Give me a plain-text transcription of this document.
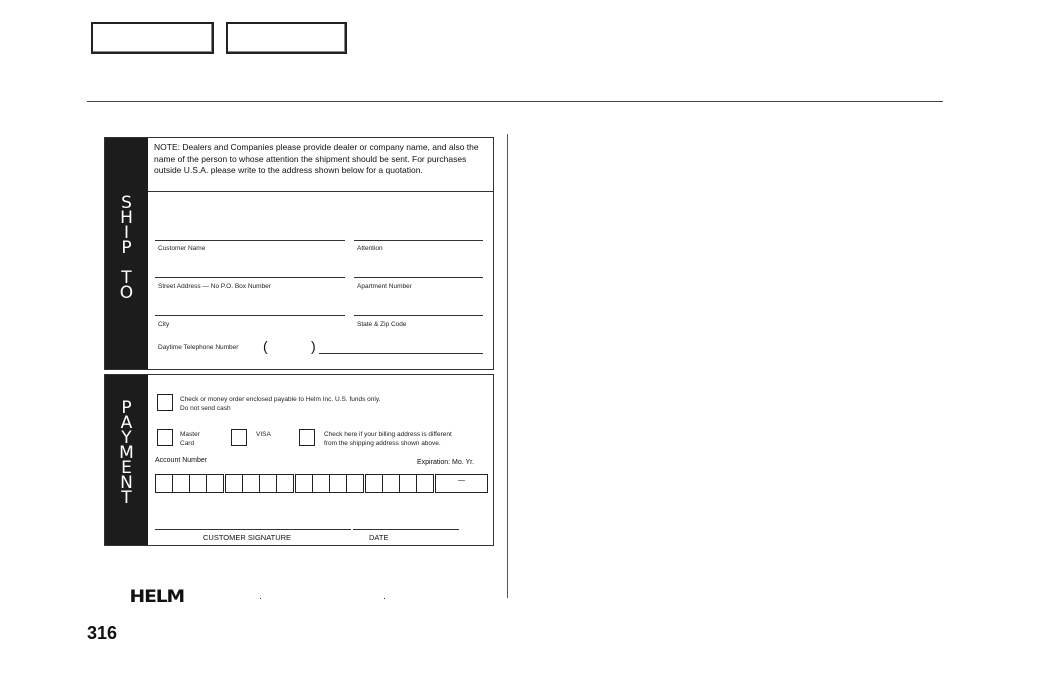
S
H
I
P
T
O
NOTE: Dealers and Companies please provide dealer or company name, and also the name of the person to whose attention the shipment should be sent. For purchases outside U.S.A. please write to the address shown below for a quotation.
Customer Name	Attention
Street Address — No P.O. Box Number	Apartment Number
City	State & Zip Code
Daytime Telephone Number (	)
P
A
Y
M
E
N
T
Check or money order enclosed payable to Helm Inc. U.S. funds only.
Do not send cash
Master
Card
VISA	Check here if your billing address is different
from the shipping address shown above.
Account Number	Expiration: Mo. Yr.
—
CUSTOMER SIGNATURE	DATE
HELM
316
